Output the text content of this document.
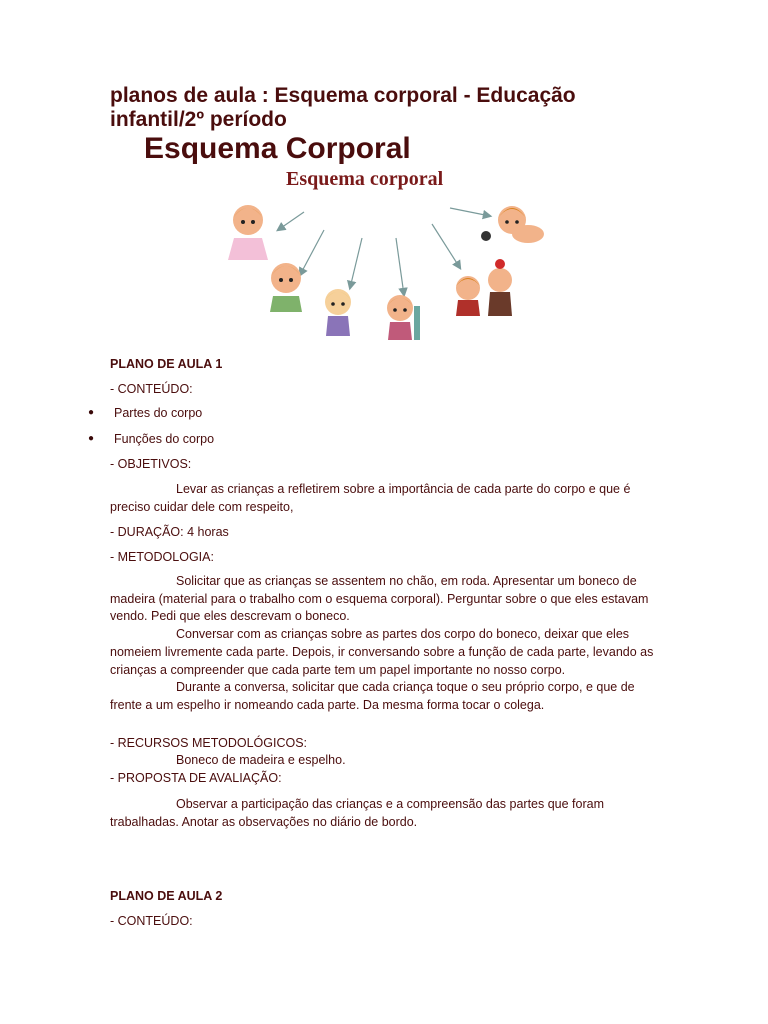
planos de aula : Esquema corporal - Educação infantil/2º período
Esquema Corporal
Esquema corporal
PLANO DE AULA 1
- CONTEÚDO:
● Partes do corpo
● Funções do corpo
- OBJETIVOS:
Levar as crianças a refletirem sobre a importância de cada parte do corpo e que é preciso cuidar dele com respeito,
- DURAÇÃO: 4 horas
- METODOLOGIA:
Solicitar que as crianças se assentem no chão, em roda. Apresentar um boneco de madeira (material para o trabalho com o esquema corporal). Perguntar sobre o que eles estavam vendo. Pedi que eles descrevam o boneco.
Conversar com as crianças sobre as partes dos corpo do boneco, deixar que eles nomeiem livremente cada parte. Depois, ir conversando sobre a função de cada parte, levando as crianças a compreender que cada parte tem um papel importante no nosso corpo.
Durante a conversa, solicitar que cada criança toque o seu próprio corpo, e que de frente a um espelho ir nomeando cada parte. Da mesma forma tocar o colega.
- RECURSOS METODOLÓGICOS:
Boneco de madeira e espelho.
- PROPOSTA DE AVALIAÇÃO:
Observar a participação das crianças e a compreensão das partes que foram trabalhadas. Anotar as observações no diário de bordo.
PLANO DE AULA 2
- CONTEÚDO:
